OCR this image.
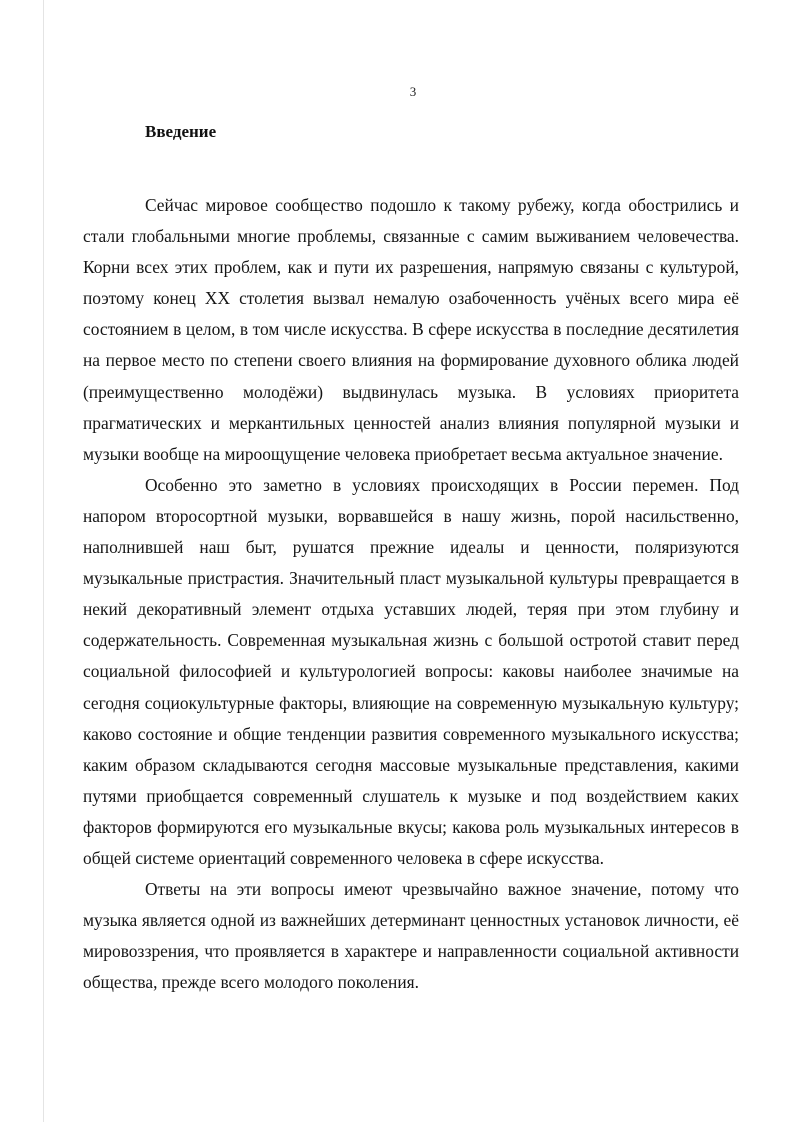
3
Введение

Сейчас мировое сообщество подошло к такому рубежу, когда обострились и стали глобальными многие проблемы, связанные с самим выживанием человечества. Корни всех этих проблем, как и пути их разрешения, напрямую связаны с культурой, поэтому конец XX столетия вызвал немалую озабоченность учёных всего мира её состоянием в целом, в том числе искусства. В сфере искусства в последние десятилетия на первое место по степени своего влияния на формирование духовного облика людей (преимущественно молодёжи) выдвинулась музыка. В условиях приоритета прагматических и меркантильных ценностей анализ влияния популярной музыки и музыки вообще на мироощущение человека приобретает весьма актуальное значение.

Особенно это заметно в условиях происходящих в России перемен. Под напором второсортной музыки, ворвавшейся в нашу жизнь, порой насильственно, наполнившей наш быт, рушатся прежние идеалы и ценности, поляризуются музыкальные пристрастия. Значительный пласт музыкальной культуры превращается в некий декоративный элемент отдыха уставших людей, теряя при этом глубину и содержательность. Современная музыкальная жизнь с большой остротой ставит перед социальной философией и культурологией вопросы: каковы наиболее значимые на сегодня социокультурные факторы, влияющие на современную музыкальную культуру; каково состояние и общие тенденции развития современного музыкального искусства; каким образом складываются сегодня массовые музыкальные представления, какими путями приобщается современный слушатель к музыке и под воздействием каких факторов формируются его музыкальные вкусы; какова роль музыкальных интересов в общей системе ориентаций современного человека в сфере искусства.

Ответы на эти вопросы имеют чрезвычайно важное значение, потому что музыка является одной из важнейших детерминант ценностных установок личности, её мировоззрения, что проявляется в характере и направленности социальной активности общества, прежде всего молодого поколения.
